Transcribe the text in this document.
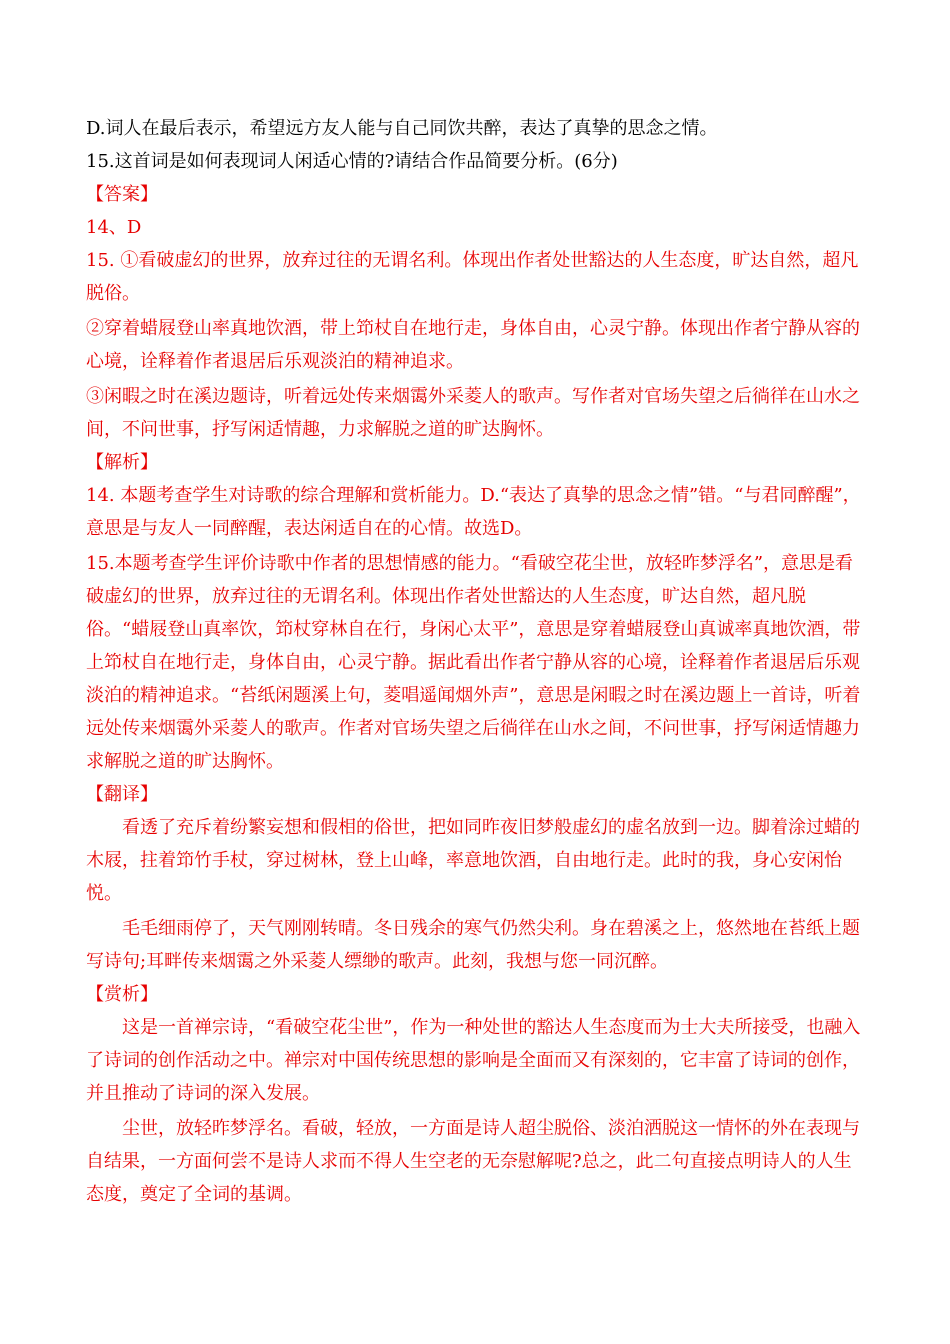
D.词人在最后表示，希望远方友人能与自己同饮共醉，表达了真挚的思念之情。

15.这首词是如何表现词人闲适心情的?请结合作品简要分析。(6分)

【答案】

14、D

15. ①看破虚幻的世界，放弃过往的无谓名利。体现出作者处世豁达的人生态度，旷达自然，超凡脱俗。

②穿着蜡屐登山率真地饮酒，带上笻杖自在地行走，身体自由，心灵宁静。体现出作者宁静从容的心境，诠释着作者退居后乐观淡泊的精神追求。

③闲暇之时在溪边题诗，听着远处传来烟霭外采菱人的歌声。写作者对官场失望之后徜徉在山水之间，不问世事，抒写闲适情趣，力求解脱之道的旷达胸怀。

【解析】

14. 本题考查学生对诗歌的综合理解和赏析能力。D.“表达了真挚的思念之情”错。“与君同醉醒”，意思是与友人一同醉醒，表达闲适自在的心情。故选D。

15.本题考查学生评价诗歌中作者的思想情感的能力。“看破空花尘世，放轻昨梦浮名”，意思是看破虚幻的世界，放弃过往的无谓名利。体现出作者处世豁达的人生态度，旷达自然，超凡脱俗。“蜡屐登山真率饮，笻杖穿林自在行，身闲心太平”，意思是穿着蜡屐登山真诚率真地饮酒，带上笻杖自在地行走，身体自由，心灵宁静。据此看出作者宁静从容的心境，诠释着作者退居后乐观淡泊的精神追求。“苔纸闲题溪上句，菱唱遥闻烟外声”，意思是闲暇之时在溪边题上一首诗，听着远处传来烟霭外采菱人的歌声。作者对官场失望之后徜徉在山水之间，不问世事，抒写闲适情趣力求解脱之道的旷达胸怀。

【翻译】

看透了充斥着纷繁妄想和假相的俗世，把如同昨夜旧梦般虚幻的虚名放到一边。脚着涂过蜡的木屐，拄着笻竹手杖，穿过树林，登上山峰，率意地饮酒，自由地行走。此时的我，身心安闲怡悦。

毛毛细雨停了，天气刚刚转晴。冬日残余的寒气仍然尖利。身在碧溪之上，悠然地在苔纸上题写诗句;耳畔传来烟霭之外采菱人缥缈的歌声。此刻，我想与您一同沉醉。

【赏析】

这是一首禅宗诗，“看破空花尘世”，作为一种处世的豁达人生态度而为士大夫所接受，也融入了诗词的创作活动之中。禅宗对中国传统思想的影响是全面而又有深刻的，它丰富了诗词的创作，并且推动了诗词的深入发展。

尘世，放轻昨梦浮名。看破，轻放，一方面是诗人超尘脱俗、淡泊洒脱这一情怀的外在表现与自结果，一方面何尝不是诗人求而不得人生空老的无奈慰解呢?总之，此二句直接点明诗人的人生态度，奠定了全词的基调。
